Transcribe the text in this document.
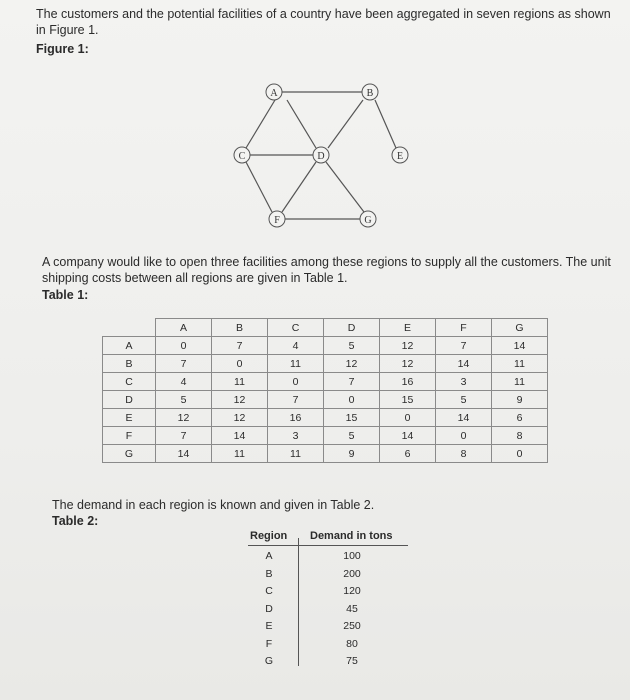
The customers and the potential facilities of a country have been aggregated in seven regions as shown in Figure 1.
Figure 1:
A	B
C	D	E
F	G
A company would like to open three facilities among these regions to supply all the customers. The unit shipping costs between all regions are given in Table 1.
Table 1:
	A	B	C	D	E	F	G
A	0	7	4	5	12	7	14
B	7	0	11	12	12	14	11
C	4	11	0	7	16	3	11
D	5	12	7	0	15	5	9
E	12	12	16	15	0	14	6
F	7	14	3	5	14	0	8
G	14	11	11	9	6	8	0
The demand in each region is known and given in Table 2.
Table 2:
Region Demand in tons
A	100
B	200
C	120
D	45
E	250
F	80
G	75
